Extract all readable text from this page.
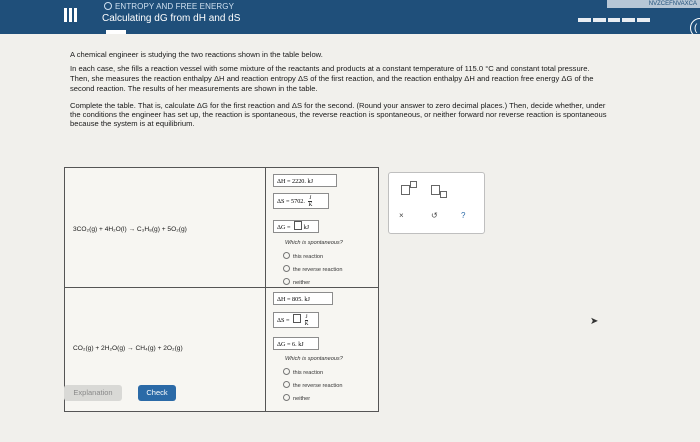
ENTROPY AND FREE ENERGY
Calculating dG from dH and dS
NVZCEFNVAXCA
(
A chemical engineer is studying the two reactions shown in the table below.
In each case, she fills a reaction vessel with some mixture of the reactants and products at a constant temperature of 115.0 °C and constant total pressure.
Then, she measures the reaction enthalpy ΔH and reaction entropy ΔS of the first reaction, and the reaction enthalpy ΔH and reaction free energy ΔG of the
second reaction. The results of her measurements are shown in the table.
Complete the table. That is, calculate ΔG for the first reaction and ΔS for the second. (Round your answer to zero decimal places.) Then, decide whether, under
the conditions the engineer has set up, the reaction is spontaneous, the reverse reaction is spontaneous, or neither forward nor reverse reaction is spontaneous
because the system is at equilibrium.
3CO₂(g) + 4H₂O(l) → C₃H₈(g) + 5O₂(g)
ΔH = 2220. kJ
ΔS = 5702. $\frac{J}{K}$
ΔG =  kJ
Which is spontaneous?
this reaction
the reverse reaction
neither
CO₂(g) + 2H₂O(g) → CH₄(g) + 2O₂(g)
ΔH = 805. kJ
ΔS =	$\frac{J}{K}$
ΔG = 6. kJ
Which is spontaneous?
this reaction
the reverse reaction
neither
×	↺	?
Explanation	Check
➤
